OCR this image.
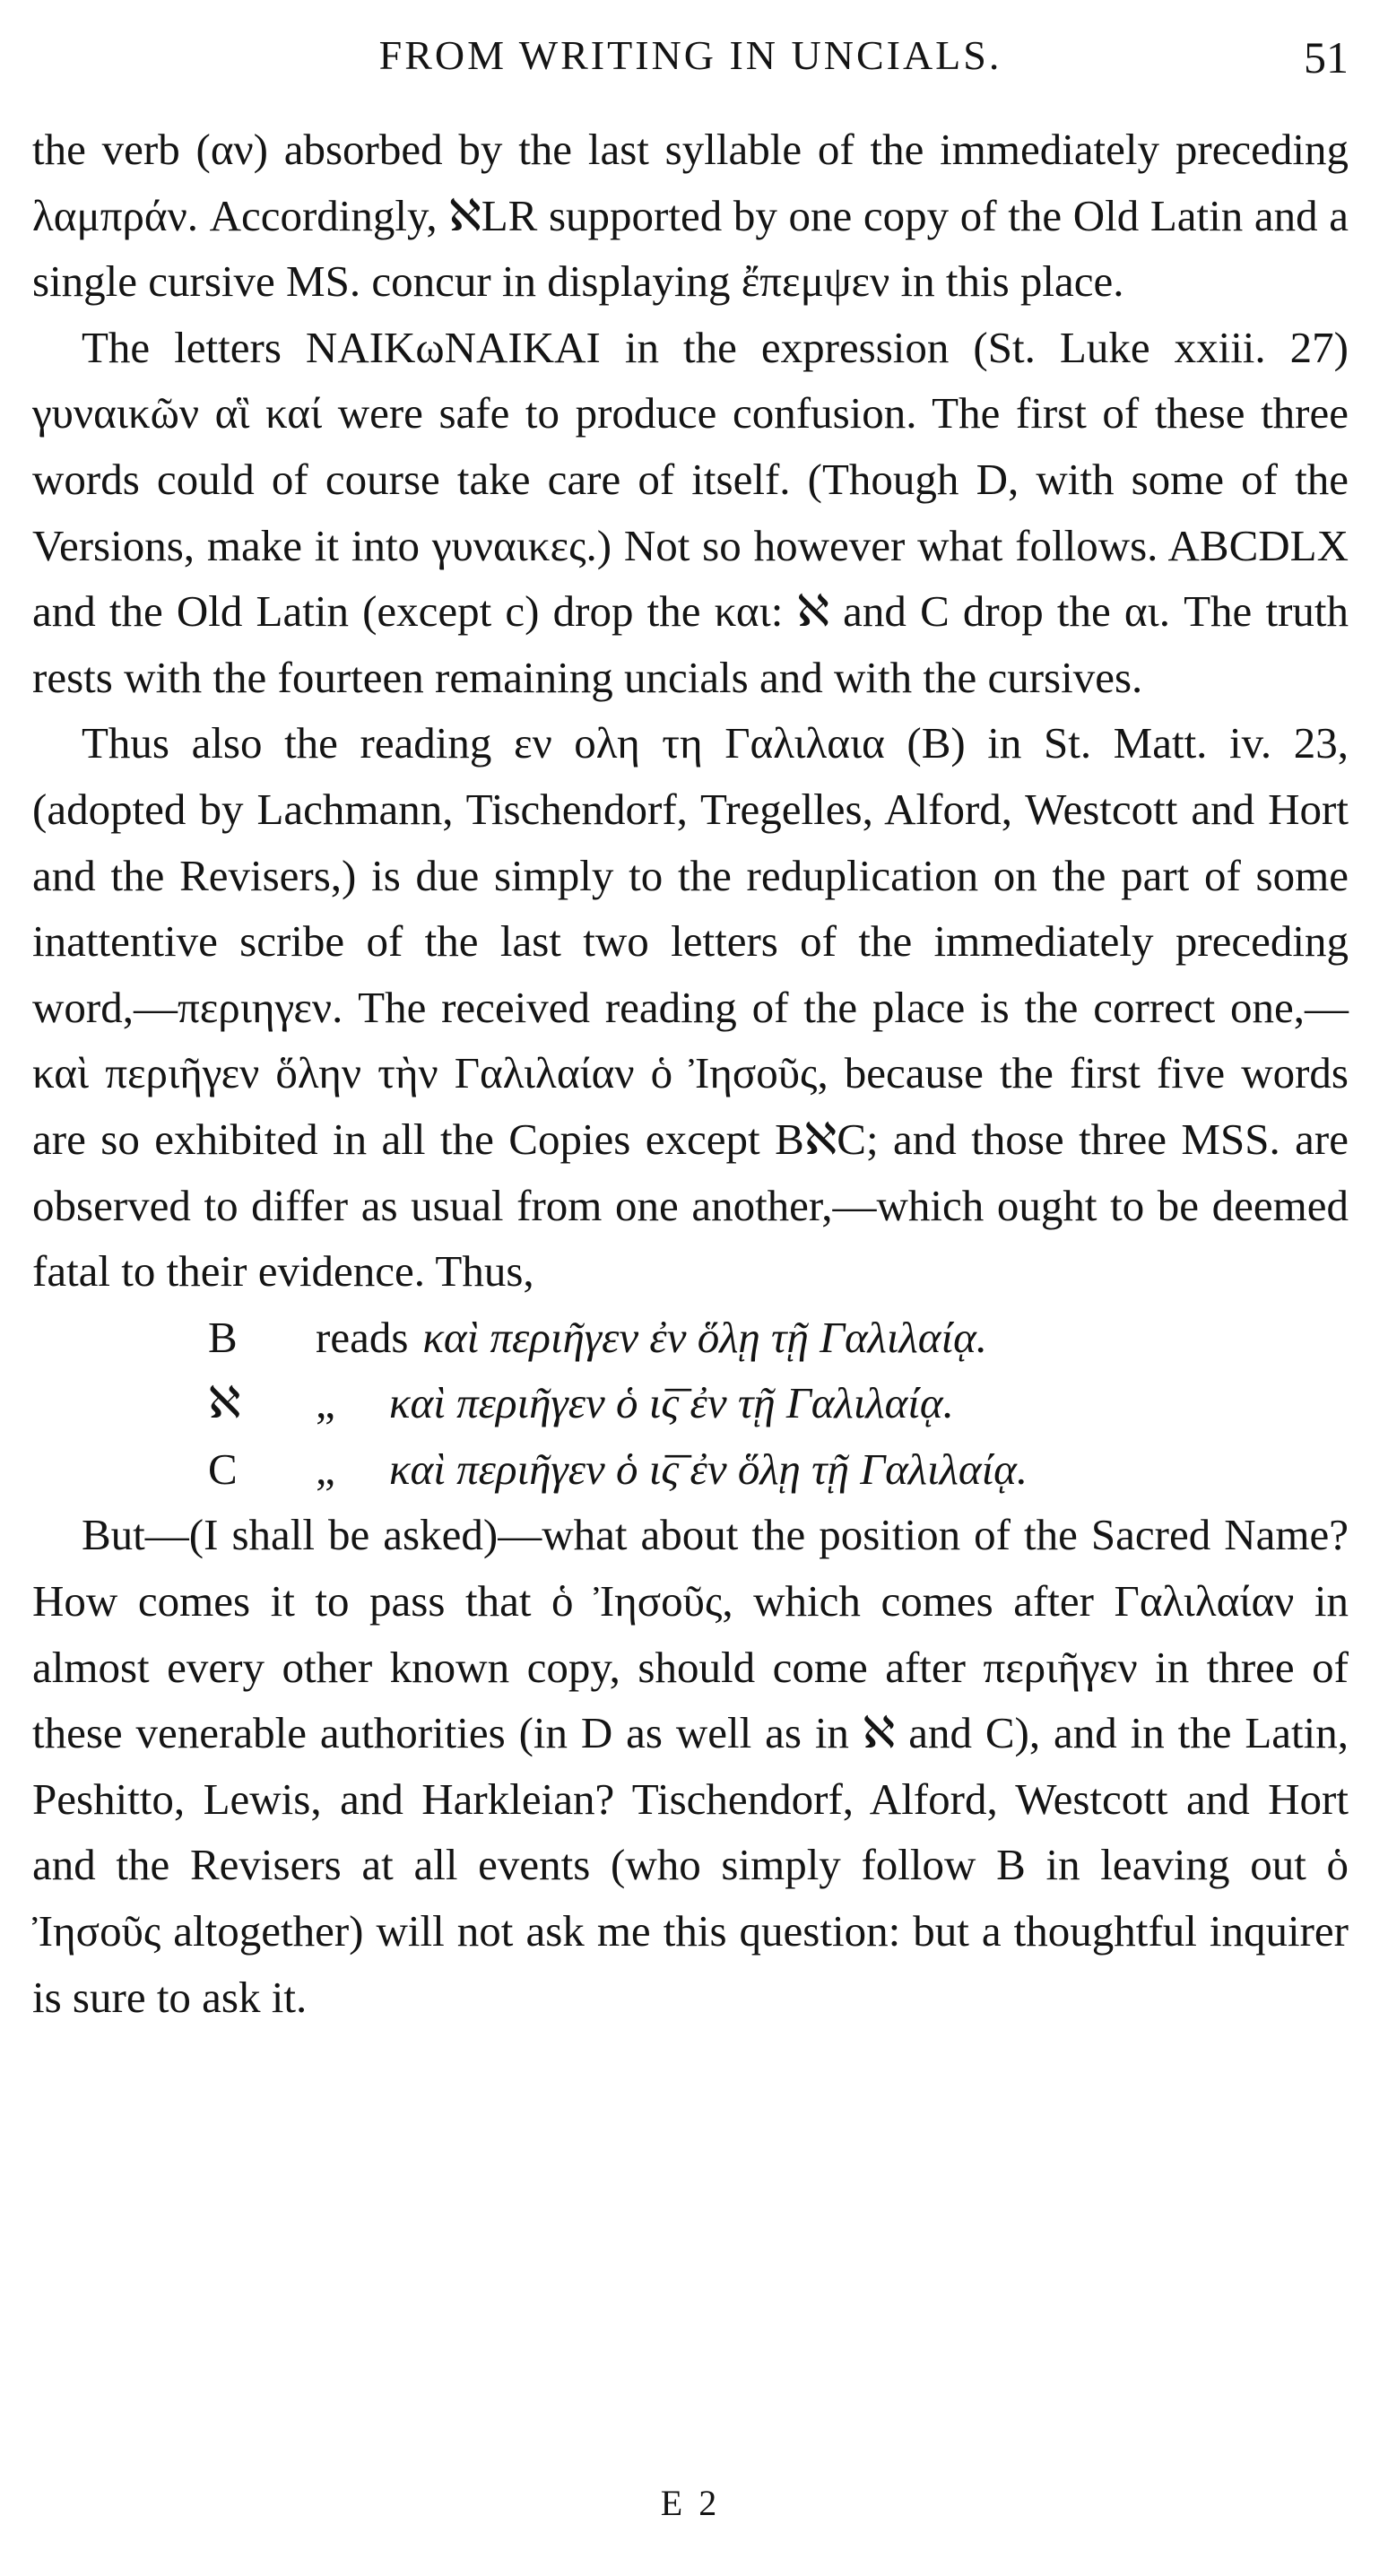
FROM WRITING IN UNCIALS.	51

the verb (αν) absorbed by the last syllable of the immediately preceding λαμπράν. Accordingly, ℵLR supported by one copy of the Old Latin and a single cursive MS. concur in displaying ἔπεμψεν in this place.

The letters NAIKωNAIKAI in the expression (St. Luke xxiii. 27) γυναικῶν αἳ καί were safe to produce confusion. The first of these three words could of course take care of itself. (Though D, with some of the Versions, make it into γυναικες.) Not so however what follows. ABCDLX and the Old Latin (except c) drop the και: ℵ and C drop the αι. The truth rests with the fourteen remaining uncials and with the cursives.

Thus also the reading εν ολη τη Γαλιλαια (B) in St. Matt. iv. 23, (adopted by Lachmann, Tischendorf, Tregelles, Alford, Westcott and Hort and the Revisers,) is due simply to the reduplication on the part of some inattentive scribe of the last two letters of the immediately preceding word,—περιηγεν. The received reading of the place is the correct one,—καὶ περιῆγεν ὅλην τὴν Γαλιλαίαν ὁ Ἰησοῦς, because the first five words are so exhibited in all the Copies except BℵC; and those three MSS. are observed to differ as usual from one another,—which ought to be deemed fatal to their evidence. Thus,

B	reads καὶ περιῆγεν ἐν ὅλῃ τῇ Γαλιλαίᾳ.
ℵ	„	καὶ περιῆγεν ὁ ι͞ς ἐν τῇ Γαλιλαίᾳ.
C	„	καὶ περιῆγεν ὁ ι͞ς ἐν ὅλῃ τῇ Γαλιλαίᾳ.

But—(I shall be asked)—what about the position of the Sacred Name? How comes it to pass that ὁ Ἰησοῦς, which comes after Γαλιλαίαν in almost every other known copy, should come after περιῆγεν in three of these venerable authorities (in D as well as in ℵ and C), and in the Latin, Peshitto, Lewis, and Harkleian? Tischendorf, Alford, Westcott and Hort and the Revisers at all events (who simply follow B in leaving out ὁ Ἰησοῦς altogether) will not ask me this question: but a thoughtful inquirer is sure to ask it.

E 2
